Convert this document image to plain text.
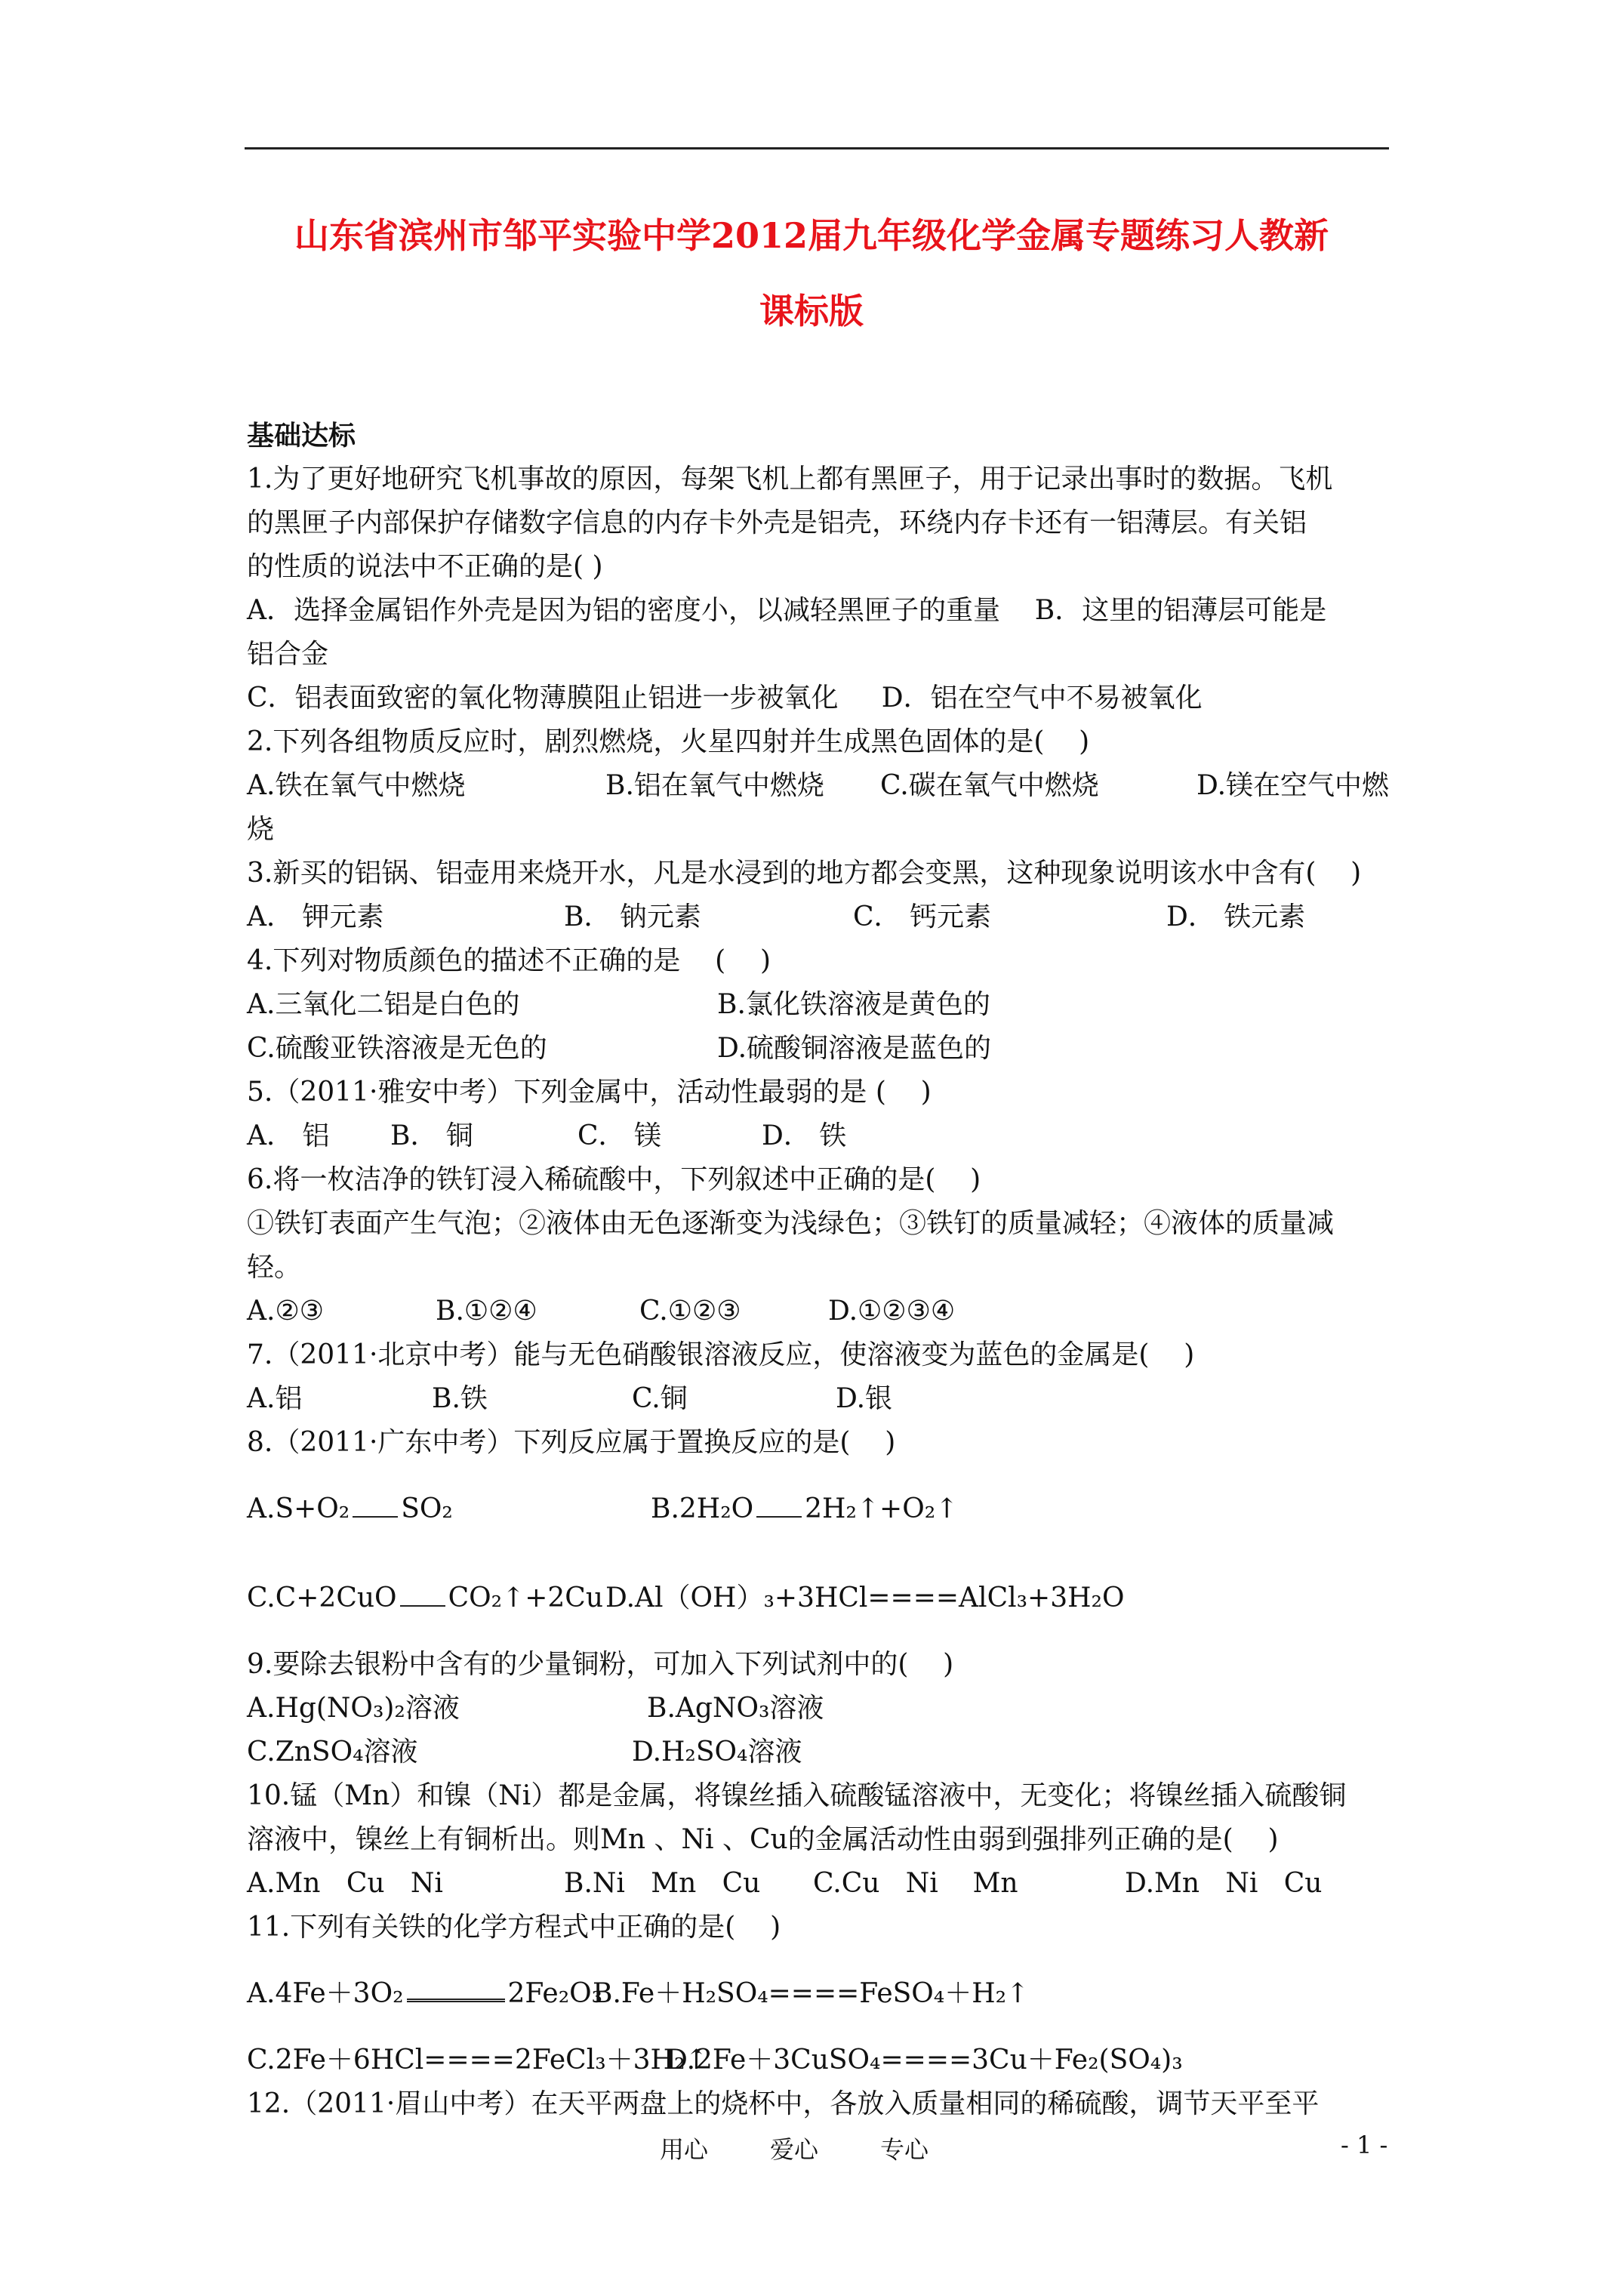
山东省滨州市邹平实验中学2012届九年级化学金属专题练习人教新
课标版
基础达标
1.为了更好地研究飞机事故的原因，每架飞机上都有黑匣子，用于记录出事时的数据。飞机
的黑匣子内部保护存储数字信息的内存卡外壳是铝壳，环绕内存卡还有一铝薄层。有关铝
的性质的说法中不正确的是( )
A．选择金属铝作外壳是因为铝的密度小，以减轻黑匣子的重量    B．这里的铝薄层可能是
铝合金
C．铝表面致密的氧化物薄膜阻止铝进一步被氧化     D．铝在空气中不易被氧化
2.下列各组物质反应时，剧烈燃烧，火星四射并生成黑色固体的是(    )
A.铁在氧气中燃烧	B.铝在氧气中燃烧 C.碳在氧气中燃烧	D.镁在空气中燃
烧
3.新买的铝锅、铝壶用来烧开水，凡是水浸到的地方都会变黑，这种现象说明该水中含有(    )
A． 钾元素	B． 钠元素	C． 钙元素	D． 铁元素
4.下列对物质颜色的描述不正确的是    (    )
A.三氧化二铝是白色的	B.氯化铁溶液是黄色的
C.硫酸亚铁溶液是无色的	D.硫酸铜溶液是蓝色的
5.（2011·雅安中考）下列金属中，活动性最弱的是 (    )
A． 铝 B． 铜	C． 镁	D． 铁
6.将一枚洁净的铁钉浸入稀硫酸中，下列叙述中正确的是(    )
①铁钉表面产生气泡；②液体由无色逐渐变为浅绿色；③铁钉的质量减轻；④液体的质量减
轻。
A.②③	B.①②④	C.①②③	D.①②③④
7.（2011·北京中考）能与无色硝酸银溶液反应，使溶液变为蓝色的金属是(    )
A.铝	B.铁	C.铜	D.银
8.（2011·广东中考）下列反应属于置换反应的是(    )
A.S+O₂ SO₂	B.2H₂O 2H₂↑+O₂↑
C.C+2CuO CO₂↑+2Cu D.Al（OH）₃+3HCl====AlCl₃+3H₂O
9.要除去银粉中含有的少量铜粉，可加入下列试剂中的(    )
A.Hg(NO₃)₂溶液	B.AgNO₃溶液
C.ZnSO₄溶液	D.H₂SO₄溶液
10.锰（Mn）和镍（Ni）都是金属，将镍丝插入硫酸锰溶液中，无变化；将镍丝插入硫酸铜
溶液中，镍丝上有铜析出。则Mn 、Ni 、Cu的金属活动性由弱到强排列正确的是(    )
A.Mn   Cu   Ni	B.Ni   Mn   Cu C.Cu   Ni    Mn	D.Mn   Ni   Cu
11.下列有关铁的化学方程式中正确的是(    )
A.4Fe＋3O₂	2Fe₂O₃
B.Fe＋H₂SO₄====FeSO₄＋H₂↑
C.2Fe＋6HCl====2FeCl₃＋3H₂↑
D.2Fe＋3CuSO₄====3Cu＋Fe₂(SO₄)₃
12.（2011·眉山中考）在天平两盘上的烧杯中，各放入质量相同的稀硫酸，调节天平至平
用心	爱心	专心	- 1 -
